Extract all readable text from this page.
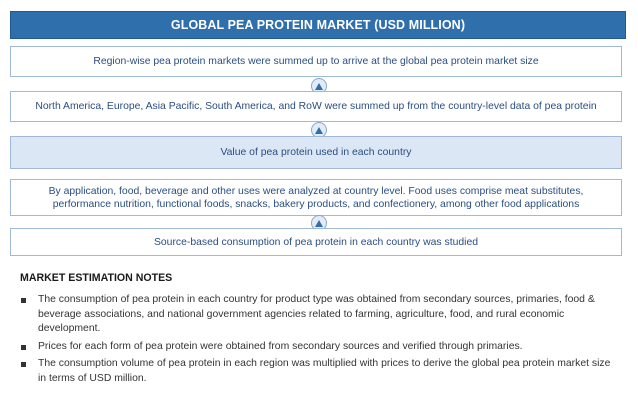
GLOBAL PEA PROTEIN MARKET (USD MILLION)
Region-wise pea protein markets were summed up to arrive at the global pea protein market size
North America, Europe, Asia Pacific, South America, and RoW were summed up from the country-level data of pea protein
Value of pea protein used in each country
By application, food, beverage and other uses were analyzed at country level. Food uses comprise meat substitutes,
performance nutrition, functional foods, snacks, bakery products, and confectionery, among other food applications
Source-based consumption of pea protein in each country was studied
MARKET ESTIMATION NOTES
The consumption of pea protein in each country for product type was obtained from secondary sources, primaries, food & beverage associations, and national government agencies related to farming, agriculture, food, and rural economic development.
Prices for each form of pea protein were obtained from secondary sources and verified through primaries.
The consumption volume of pea protein in each region was multiplied with prices to derive the global pea protein market size in terms of USD million.
